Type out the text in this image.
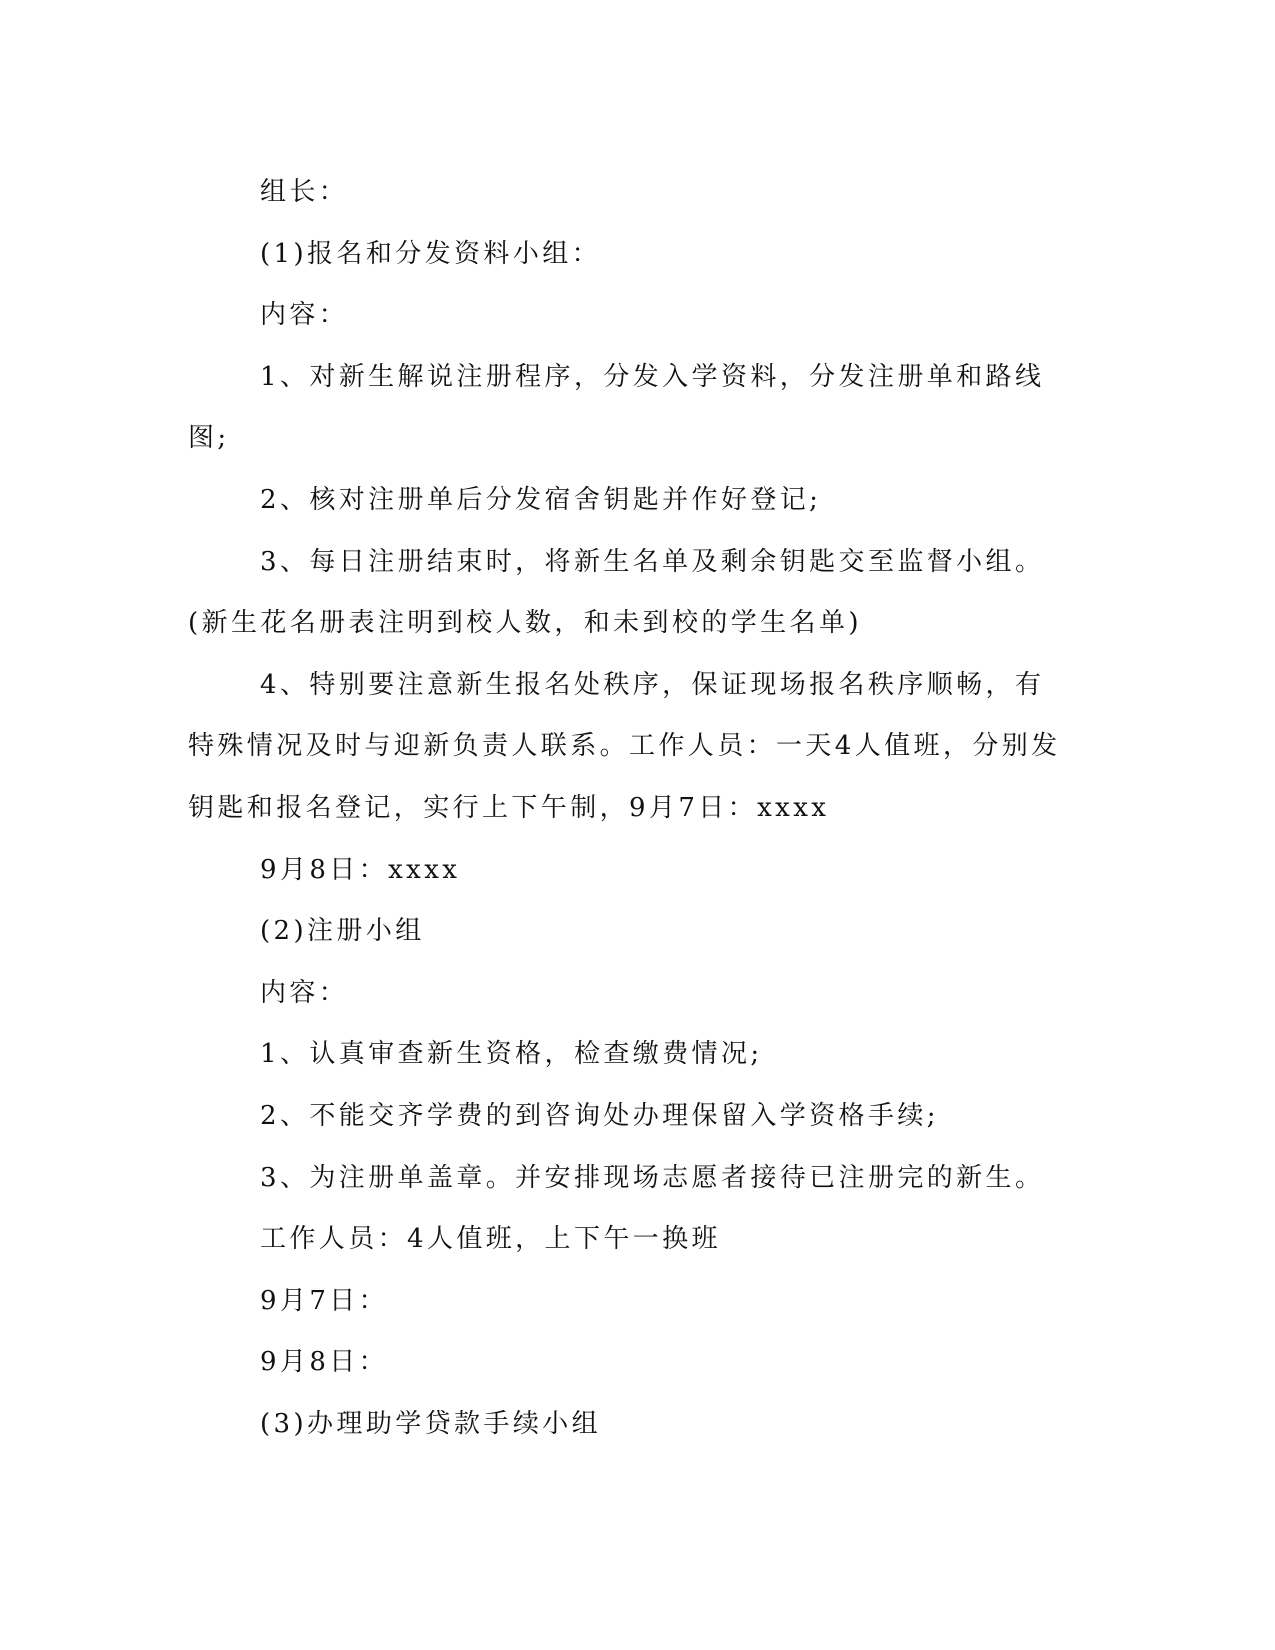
组长：

(1)报名和分发资料小组：

内容：

1、对新生解说注册程序，分发入学资料，分发注册单和路线图;

2、核对注册单后分发宿舍钥匙并作好登记;

3、每日注册结束时，将新生名单及剩余钥匙交至监督小组。(新生花名册表注明到校人数，和未到校的学生名单)

4、特别要注意新生报名处秩序，保证现场报名秩序顺畅，有特殊情况及时与迎新负责人联系。工作人员：一天4人值班，分别发钥匙和报名登记，实行上下午制，9月7日：xxxx

9月8日：xxxx

(2)注册小组

内容：

1、认真审查新生资格，检查缴费情况;

2、不能交齐学费的到咨询处办理保留入学资格手续;

3、为注册单盖章。并安排现场志愿者接待已注册完的新生。

工作人员：4人值班，上下午一换班

9月7日：

9月8日：

(3)办理助学贷款手续小组
